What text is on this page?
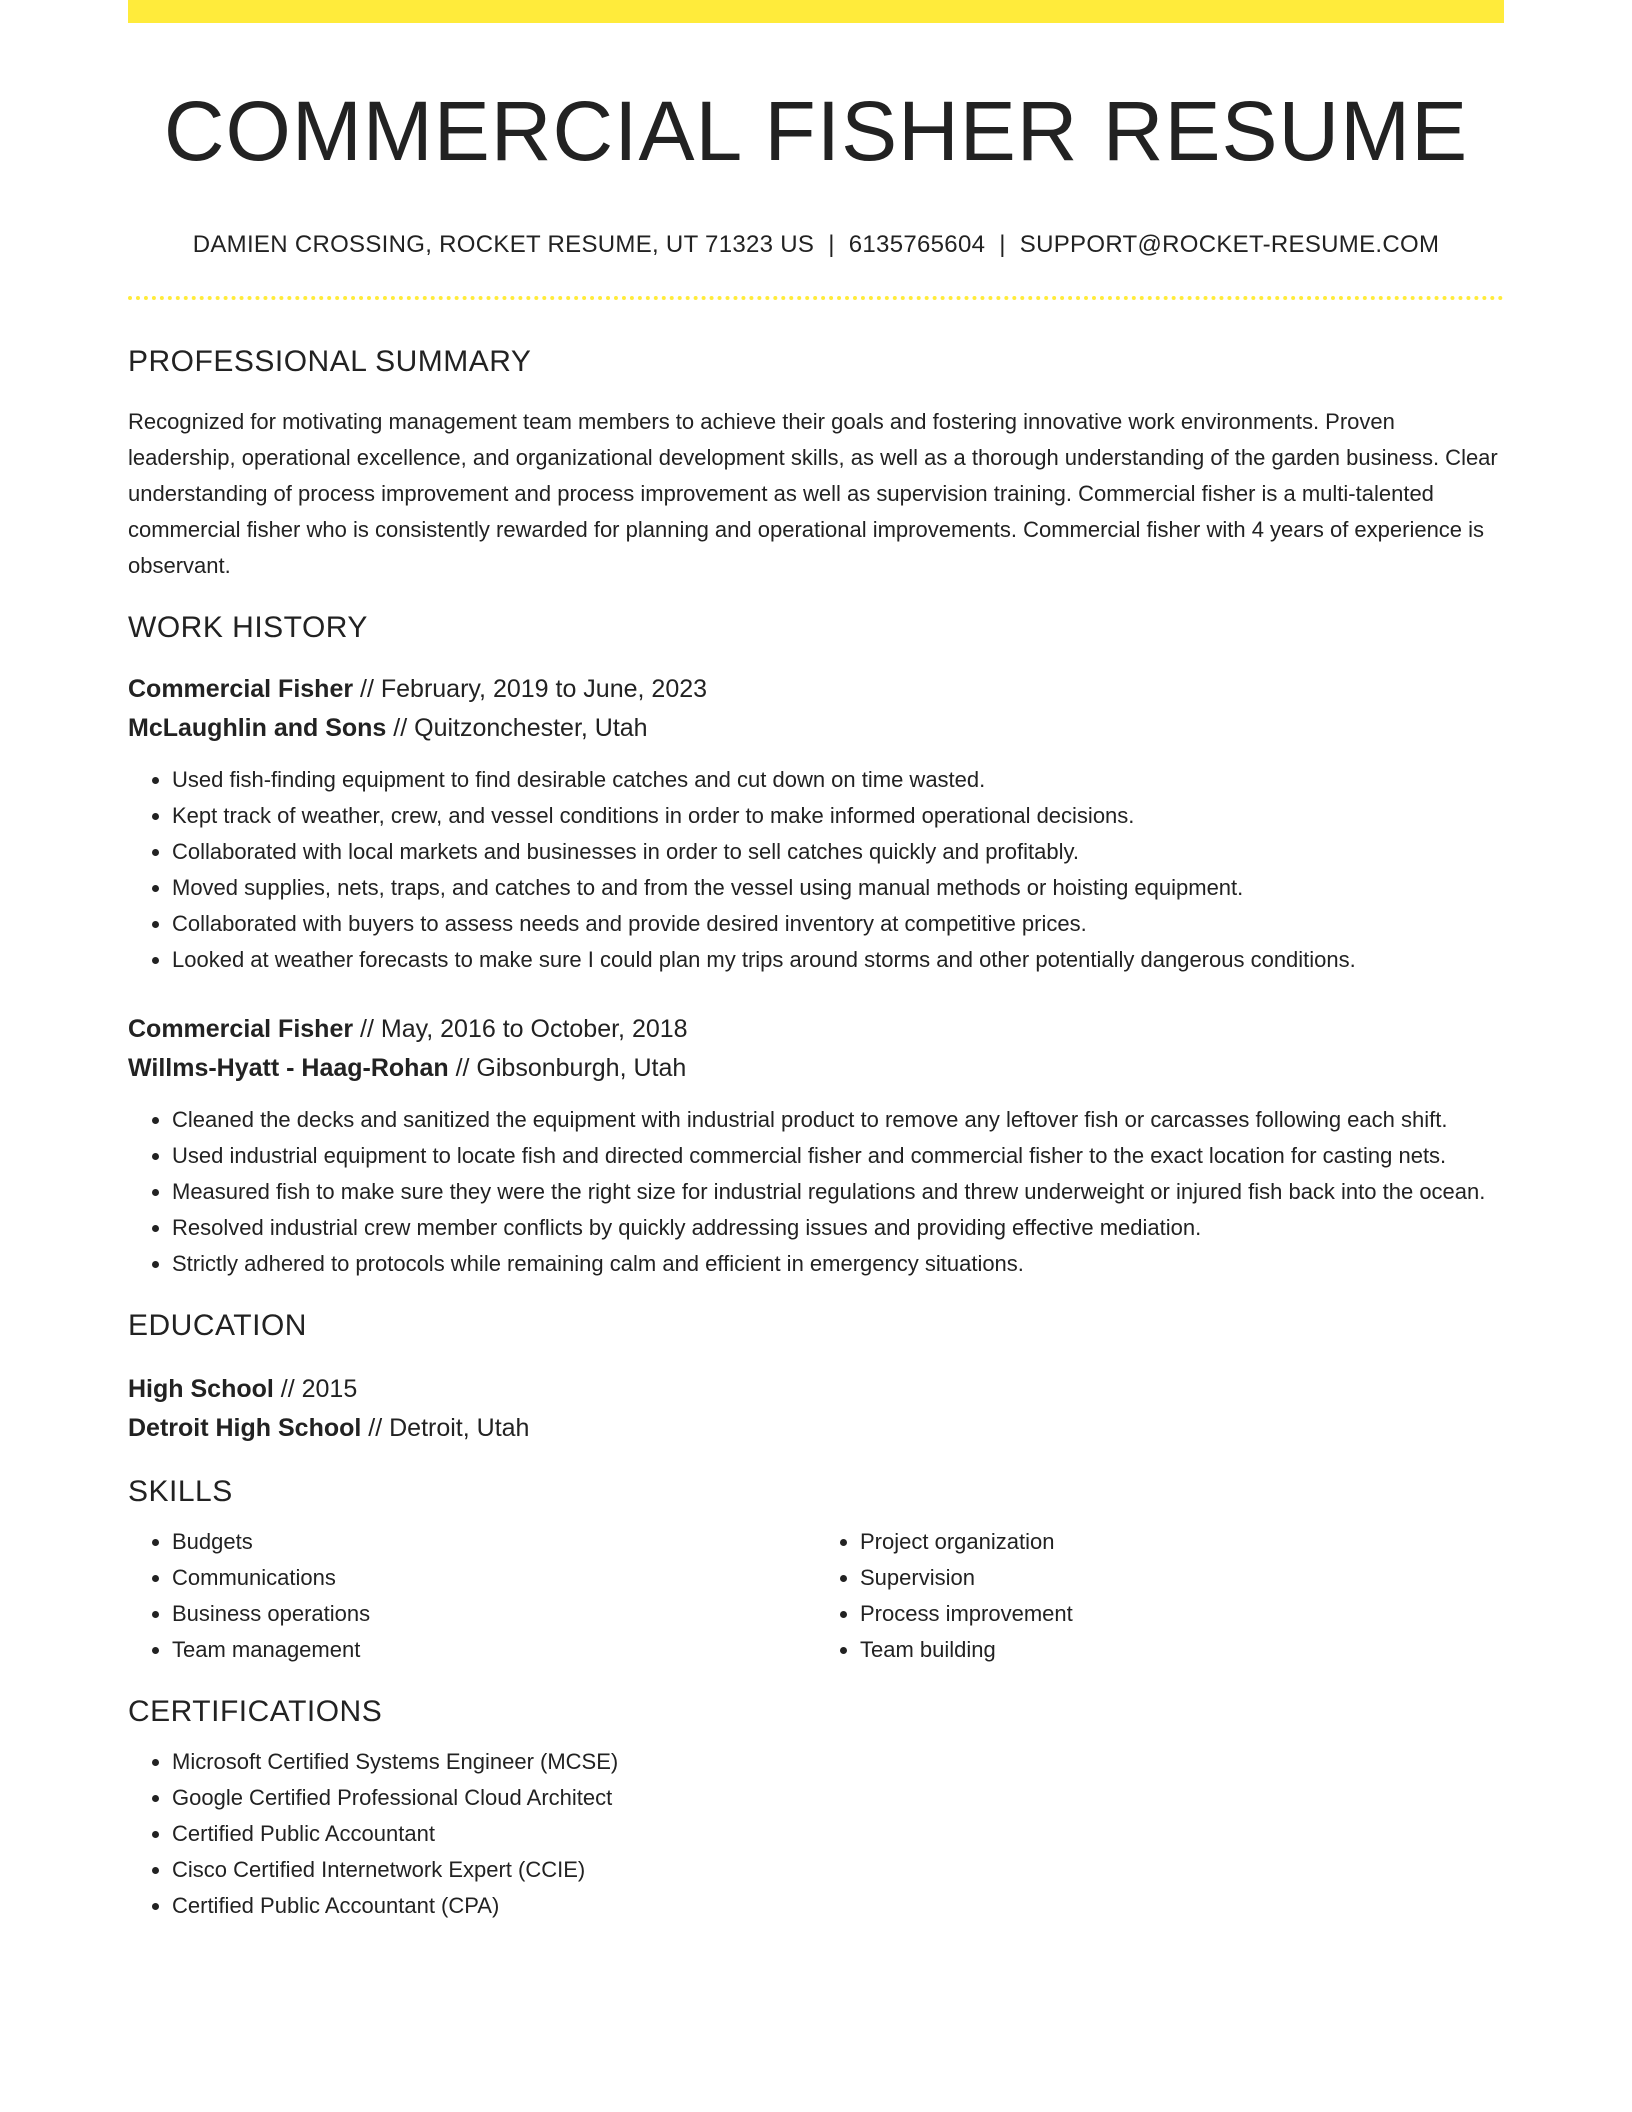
COMMERCIAL FISHER RESUME
DAMIEN CROSSING, ROCKET RESUME, UT 71323 US | 6135765604 | SUPPORT@ROCKET-RESUME.COM
PROFESSIONAL SUMMARY

Recognized for motivating management team members to achieve their goals and fostering innovative work environments. Proven leadership, operational excellence, and organizational development skills, as well as a thorough understanding of the garden business. Clear understanding of process improvement and process improvement as well as supervision training. Commercial fisher is a multi-talented commercial fisher who is consistently rewarded for planning and operational improvements. Commercial fisher with 4 years of experience is observant.

WORK HISTORY
Commercial Fisher // February, 2019 to June, 2023
McLaughlin and Sons // Quitzonchester, Utah
• Used fish-finding equipment to find desirable catches and cut down on time wasted.
• Kept track of weather, crew, and vessel conditions in order to make informed operational decisions.
• Collaborated with local markets and businesses in order to sell catches quickly and profitably.
• Moved supplies, nets, traps, and catches to and from the vessel using manual methods or hoisting equipment.
• Collaborated with buyers to assess needs and provide desired inventory at competitive prices.
• Looked at weather forecasts to make sure I could plan my trips around storms and other potentially dangerous conditions.
Commercial Fisher // May, 2016 to October, 2018
Willms-Hyatt - Haag-Rohan // Gibsonburgh, Utah
• Cleaned the decks and sanitized the equipment with industrial product to remove any leftover fish or carcasses following each shift.
• Used industrial equipment to locate fish and directed commercial fisher and commercial fisher to the exact location for casting nets.
• Measured fish to make sure they were the right size for industrial regulations and threw underweight or injured fish back into the ocean.
• Resolved industrial crew member conflicts by quickly addressing issues and providing effective mediation.
• Strictly adhered to protocols while remaining calm and efficient in emergency situations.
EDUCATION
High School // 2015
Detroit High School // Detroit, Utah
SKILLS
• Budgets
• Communications
• Business operations
• Team management
• Project organization
• Supervision
• Process improvement
• Team building
CERTIFICATIONS
• Microsoft Certified Systems Engineer (MCSE)
• Google Certified Professional Cloud Architect
• Certified Public Accountant
• Cisco Certified Internetwork Expert (CCIE)
• Certified Public Accountant (CPA)
